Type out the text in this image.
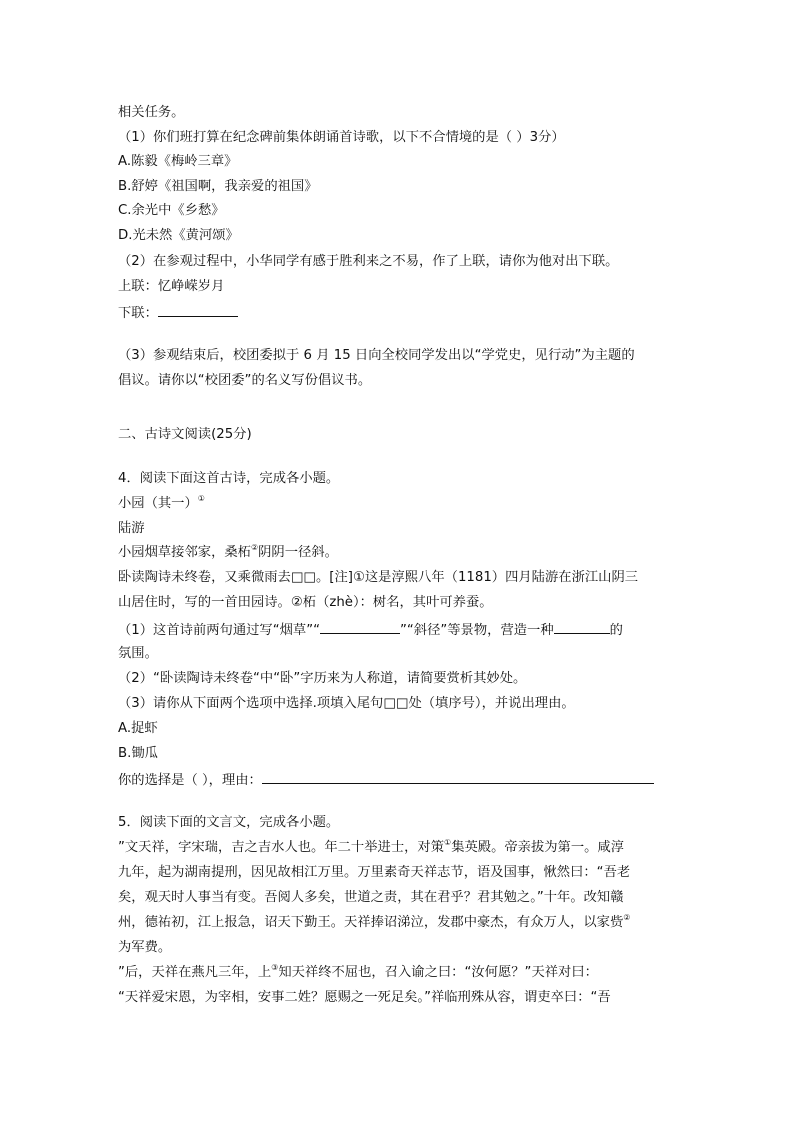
相关任务。
（1）你们班打算在纪念碑前集体朗诵首诗歌，以下不合情境的是（ ）3分）
A.陈毅《梅岭三章》
B.舒婷《祖国啊，我亲爱的祖国》
C.余光中《乡愁》
D.光未然《黄河颂》
（2）在参观过程中，小华同学有感于胜利来之不易，作了上联，请你为他对出下联。
上联：忆峥嵘岁月
下联：
（3）参观结束后，校团委拟于 6 月 15 日向全校同学发出以“学党史，见行动”为主题的
倡议。请你以“校团委”的名义写份倡议书。
二、古诗文阅读(25分)
4．阅读下面这首古诗，完成各小题。
小园（其一）①
陆游
小园烟草接邻家，桑柘②阴阴一径斜。
卧读陶诗未终卷，又乘微雨去□□。[注]①这是淳熙八年（1181）四月陆游在浙江山阴三
山居住时，写的一首田园诗。②柘（zhè）：树名，其叶可养蚕。
（1）这首诗前两句通过写“烟草”“	”“斜径”等景物，营造一种	的
氛围。
（2）“卧读陶诗未终卷“中“卧”字历来为人称道，请简要赏析其妙处。
（3）请你从下面两个选项中选择.项填入尾句□□处（填序号），并说出理由。
A.捉虾
B.锄瓜
你的选择是（ ），理由：
5．阅读下面的文言文，完成各小题。
”文天祥，字宋瑞，吉之吉水人也。年二十举进士，对策①集英殿。帝亲拔为第一。咸淳
九年，起为湖南提刑，因见故相江万里。万里素奇天祥志节，语及国事，愀然曰：“吾老
矣，观天时人事当有变。吾阅人多矣，世道之责，其在君乎？君其勉之。”十年。改知赣
州，德祐初，江上报急，诏天下勤王。天祥捧诏涕泣，发郡中豪杰，有众万人，以家赀②
为军费。
”后，天祥在燕凡三年，上③知天祥终不屈也，召入谕之曰：“汝何愿？”天祥对曰：
“天祥爱宋恩，为宰相，安事二姓？愿赐之一死足矣。”祥临刑殊从容，谓吏卒曰：“吾
